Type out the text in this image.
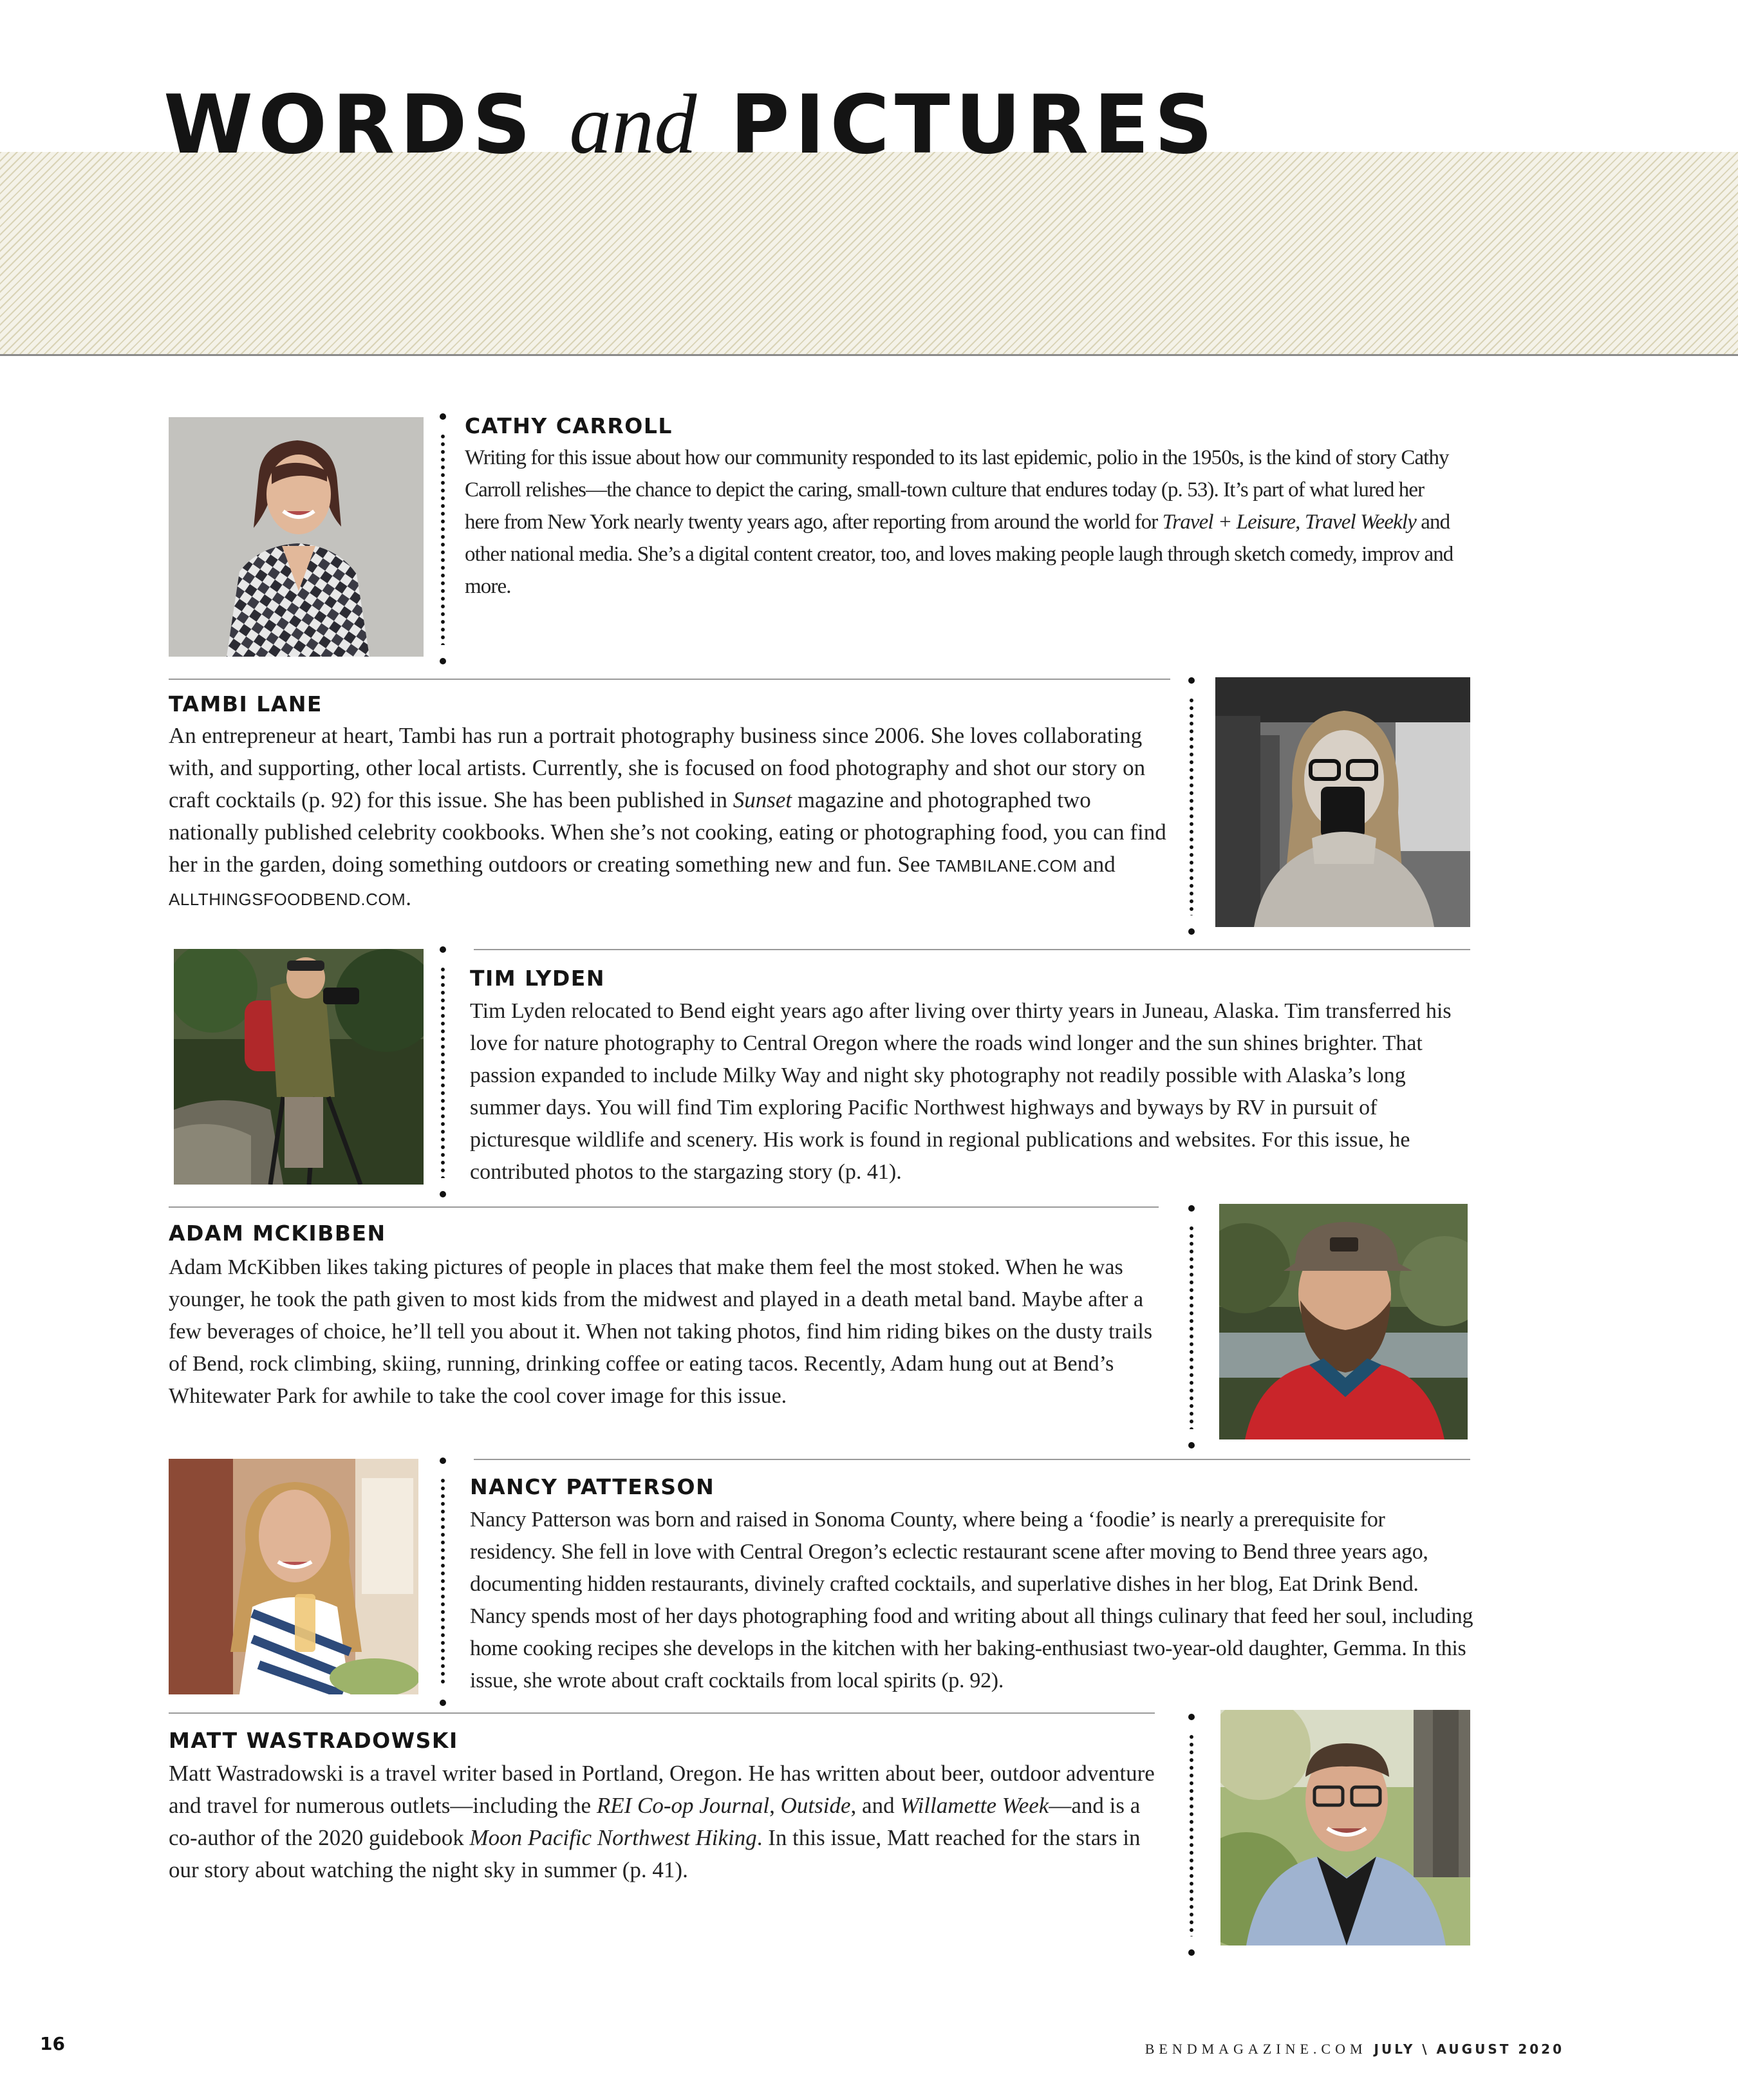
WORDS and PICTURES
CATHY CARROLL

Writing for this issue about how our community responded to its last epidemic, polio in the 1950s, is the kind of story Cathy Carroll relishes—the chance to depict the caring, small-town culture that endures today (p. 53). It’s part of what lured her here from New York nearly twenty years ago, after reporting from around the world for Travel + Leisure, Travel Weekly and other national media. She’s a digital content creator, too, and loves making people laugh through sketch comedy, improv and more.

TAMBI LANE

An entrepreneur at heart, Tambi has run a portrait photography business since 2006. She loves collaborating with, and supporting, other local artists. Currently, she is focused on food photography and shot our story on craft cocktails (p. 92) for this issue. She has been published in Sunset magazine and photographed two nationally published celebrity cookbooks. When she’s not cooking, eating or photographing food, you can find her in the garden, doing something outdoors or creating something new and fun. See TAMBILANE.COM and ALLTHINGSFOODBEND.COM.

TIM LYDEN

Tim Lyden relocated to Bend eight years ago after living over thirty years in Juneau, Alaska. Tim transferred his love for nature photography to Central Oregon where the roads wind longer and the sun shines brighter. That passion expanded to include Milky Way and night sky photography not readily possible with Alaska’s long summer days. You will find Tim exploring Pacific Northwest highways and byways by RV in pursuit of picturesque wildlife and scenery. His work is found in regional publications and websites. For this issue, he contributed photos to the stargazing story (p. 41).

ADAM MCKIBBEN

Adam McKibben likes taking pictures of people in places that make them feel the most stoked. When he was younger, he took the path given to most kids from the midwest and played in a death metal band. Maybe after a few beverages of choice, he’ll tell you about it. When not taking photos, find him riding bikes on the dusty trails of Bend, rock climbing, skiing, running, drinking coffee or eating tacos. Recently, Adam hung out at Bend’s Whitewater Park for awhile to take the cool cover image for this issue.

NANCY PATTERSON

Nancy Patterson was born and raised in Sonoma County, where being a ‘foodie’ is nearly a prerequisite for residency. She fell in love with Central Oregon’s eclectic restaurant scene after moving to Bend three years ago, documenting hidden restaurants, divinely crafted cocktails, and superlative dishes in her blog, Eat Drink Bend. Nancy spends most of her days photographing food and writing about all things culinary that feed her soul, including home cooking recipes she develops in the kitchen with her baking-enthusiast two-year-old daughter, Gemma. In this issue, she wrote about craft cocktails from local spirits (p. 92).

MATT WASTRADOWSKI

Matt Wastradowski is a travel writer based in Portland, Oregon. He has written about beer, outdoor adventure and travel for numerous outlets—including the REI Co-op Journal, Outside, and Willamette Week—and is a co-author of the 2020 guidebook Moon Pacific Northwest Hiking. In this issue, Matt reached for the stars in our story about watching the night sky in summer (p. 41).

16	BENDMAGAZINE.COM JULY \ AUGUST 2020
